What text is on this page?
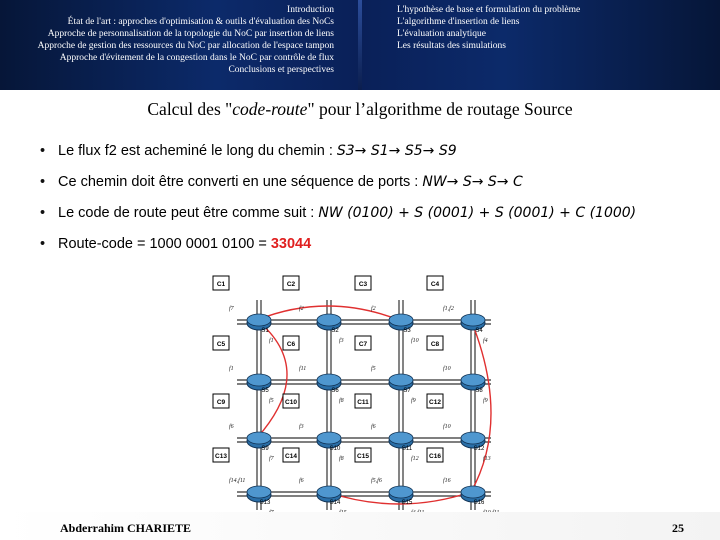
Introduction
État de l'art : approches d'optimisation & outils d'évaluation des NoCs
Approche de personnalisation de la topologie du NoC par insertion de liens
Approche de gestion des ressources du NoC par allocation de l'espace tampon
Approche d'évitement de la congestion dans le NoC par contrôle de flux
Conclusions et perspectives
L'hypothèse de base et formulation du problème
L'algorithme d'insertion de liens
L'évaluation analytique
Les résultats des simulations
Calcul des "code-route" pour l’algorithme de routage Source
• Le flux f2 est acheminé le long du chemin :
S3→ S1→ S5→ S9
• Ce chemin doit être converti en une séquence de ports :
NW→ S→ S→ C
• Le code de route peut être comme suit :
NW (0100) + S (0001) + S (0001) + C (1000)
• Route-code = 1000 0001 0100 =
33044
C1
S1
C2
S2
C3
S3
C4
S4
C5
S5
C6
S6
C7
S7
C8
S8
C9
S9
C10
S10
C11
S11
C12
S12
C13
S13
C14
S14
C15
S15
C16
S16
f7
f1
f2
f3
f2
f10
f1,f2
f4
f1
f5
f11
f8
f5
f9
f10
f9
f6
f7
f3
f8
f6
f12
f10
f13
f14,f11	f6	f5,f6	f16
Abderrahim CHARIETE	25
